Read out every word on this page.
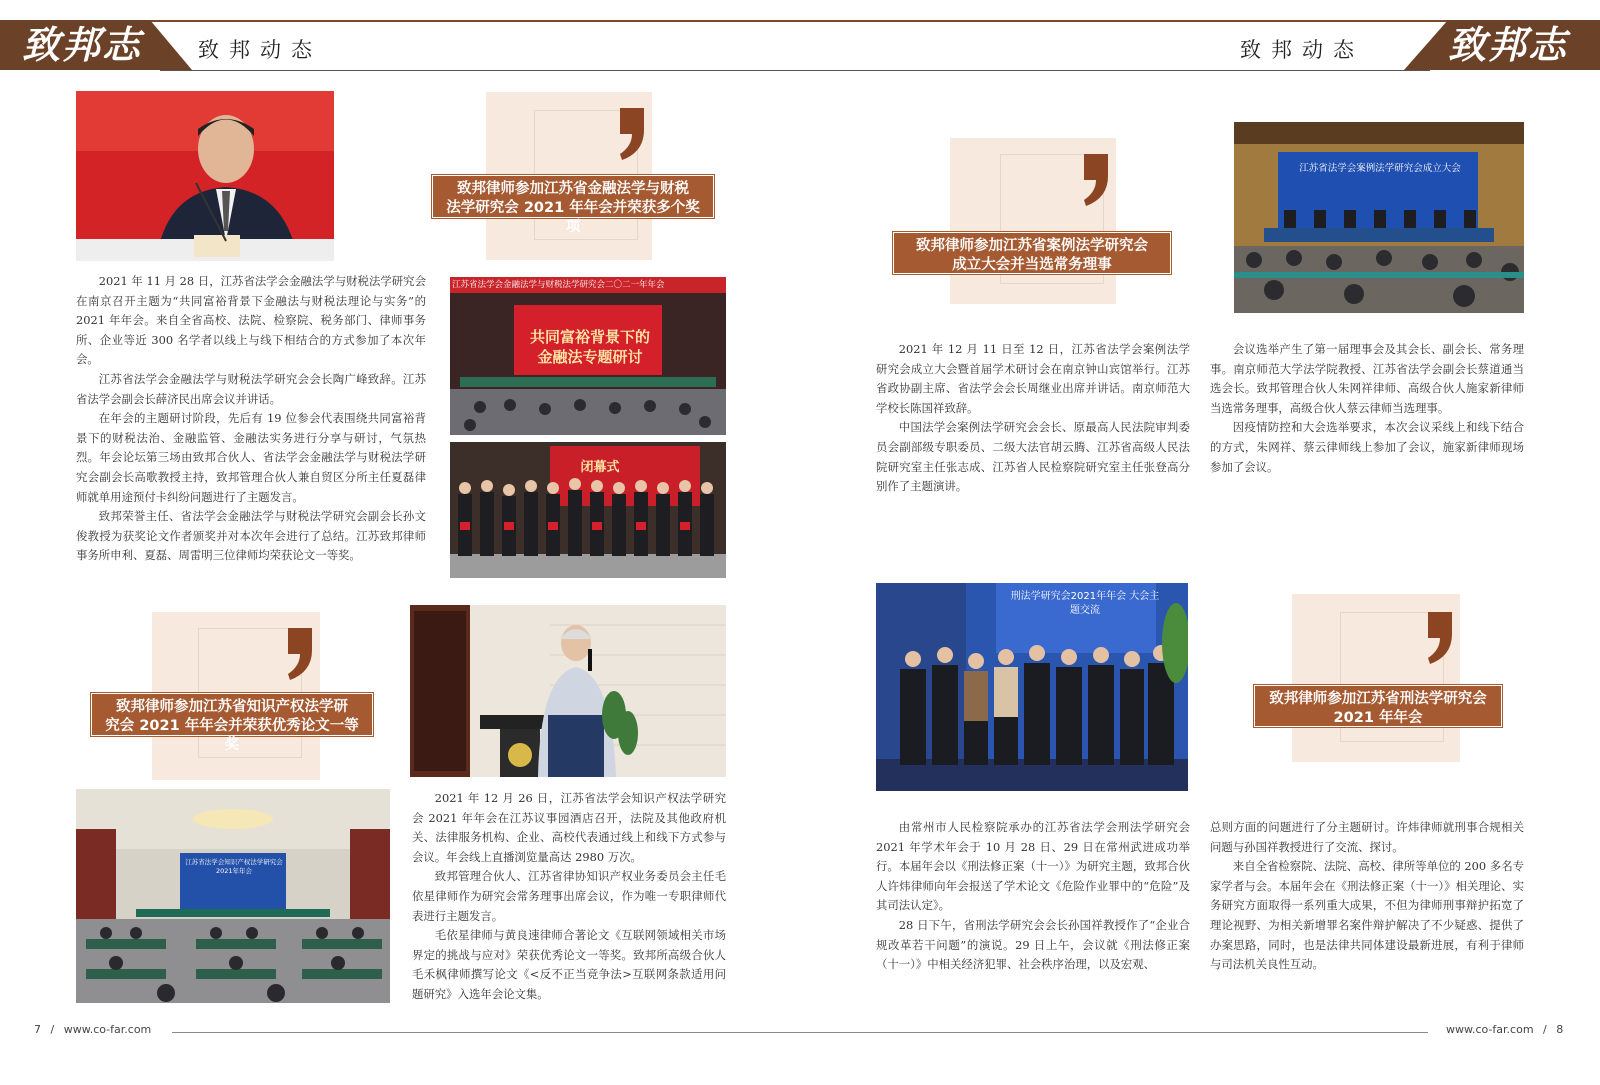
致邦志	致邦动态	致邦志
致邦动态
致邦律师参加江苏省金融法学与财税
法学研究会 2021 年年会并荣获多个奖项
江苏省法学会金融法学与财税法学研究会二〇二一年年会
共同富裕背景下的
金融法专题研讨
闭幕式

2021 年 11 月 28 日，江苏省法学会金融法学与财税法学研究会在南京召开主题为“共同富裕背景下金融法与财税法理论与实务”的 2021 年年会。来自全省高校、法院、检察院、税务部门、律师事务所、企业等近 300 名学者以线上与线下相结合的方式参加了本次年会。

江苏省法学会金融法学与财税法学研究会会长陶广峰致辞。江苏省法学会副会长薛济民出席会议并讲话。

在年会的主题研讨阶段，先后有 19 位参会代表围绕共同富裕背景下的财税法治、金融监管、金融法实务进行分享与研讨，气氛热烈。年会论坛第三场由致邦合伙人、省法学会金融法学与财税法学研究会副会长高歌教授主持，致邦管理合伙人兼自贸区分所主任夏磊律师就单用途预付卡纠纷问题进行了主题发言。

致邦荣誉主任、省法学会金融法学与财税法学研究会副会长孙文俊教授为获奖论文作者颁奖并对本次年会进行了总结。江苏致邦律师事务所申利、夏磊、周雷明三位律师均荣获论文一等奖。

致邦律师参加江苏省知识产权法学研
究会 2021 年年会并荣获优秀论文一等奖
江苏省法学会知识产权法学研究会2021年年会

2021 年 12 月 26 日，江苏省法学会知识产权法学研究会 2021 年年会在江苏议事园酒店召开，法院及其他政府机关、法律服务机构、企业、高校代表通过线上和线下方式参与会议。年会线上直播浏览量高达 2980 万次。

致邦管理合伙人、江苏省律协知识产权业务委员会主任毛依星律师作为研究会常务理事出席会议，作为唯一专职律师代表进行主题发言。

毛依星律师与黄良速律师合著论文《互联网领域相关市场界定的挑战与应对》荣获优秀论文一等奖。致邦所高级合伙人毛禾枫律师撰写论文《<反不正当竞争法>互联网条款适用问题研究》入选年会论文集。

致邦律师参加江苏省案例法学研究会
成立大会并当选常务理事
江苏省法学会案例法学研究会成立大会

2021 年 12 月 11 日至 12 日，江苏省法学会案例法学研究会成立大会暨首届学术研讨会在南京钟山宾馆举行。江苏省政协副主席、省法学会会长周继业出席并讲话。南京师范大学校长陈国祥致辞。

中国法学会案例法学研究会会长、原最高人民法院审判委员会副部级专职委员、二级大法官胡云腾、江苏省高级人民法院研究室主任张志成、江苏省人民检察院研究室主任张登高分别作了主题演讲。

会议选举产生了第一届理事会及其会长、副会长、常务理事。南京师范大学法学院教授、江苏省法学会副会长蔡道通当选会长。致邦管理合伙人朱网祥律师、高级合伙人施家新律师当选常务理事，高级合伙人蔡云律师当选理事。

因疫情防控和大会选举要求，本次会议采线上和线下结合的方式，朱网祥、蔡云律师线上参加了会议，施家新律师现场参加了会议。

刑法学研究会2021年年会 大会主题交流
致邦律师参加江苏省刑法学研究会
2021 年年会

由常州市人民检察院承办的江苏省法学会刑法学研究会 2021 年学术年会于 10 月 28 日、29 日在常州武进成功举行。本届年会以《刑法修正案（十一）》为研究主题，致邦合伙人许炜律师向年会报送了学术论文《危险作业罪中的“危险”及其司法认定》。

28 日下午，省刑法学研究会会长孙国祥教授作了“企业合规改革若干问题”的演说。29 日上午，会议就《刑法修正案（十一）》中相关经济犯罪、社会秩序治理，以及宏观、

总则方面的问题进行了分主题研讨。许炜律师就刑事合规相关问题与孙国祥教授进行了交流、探讨。

来自全省检察院、法院、高校、律所等单位的 200 多名专家学者与会。本届年会在《刑法修正案（十一）》相关理论、实务研究方面取得一系列重大成果，不但为律师刑事辩护拓宽了理论视野、为相关新增罪名案件辩护解决了不少疑惑、提供了办案思路，同时，也是法律共同体建设最新进展，有利于律师与司法机关良性互动。

7 / www.co-far.com	www.co-far.com / 8
